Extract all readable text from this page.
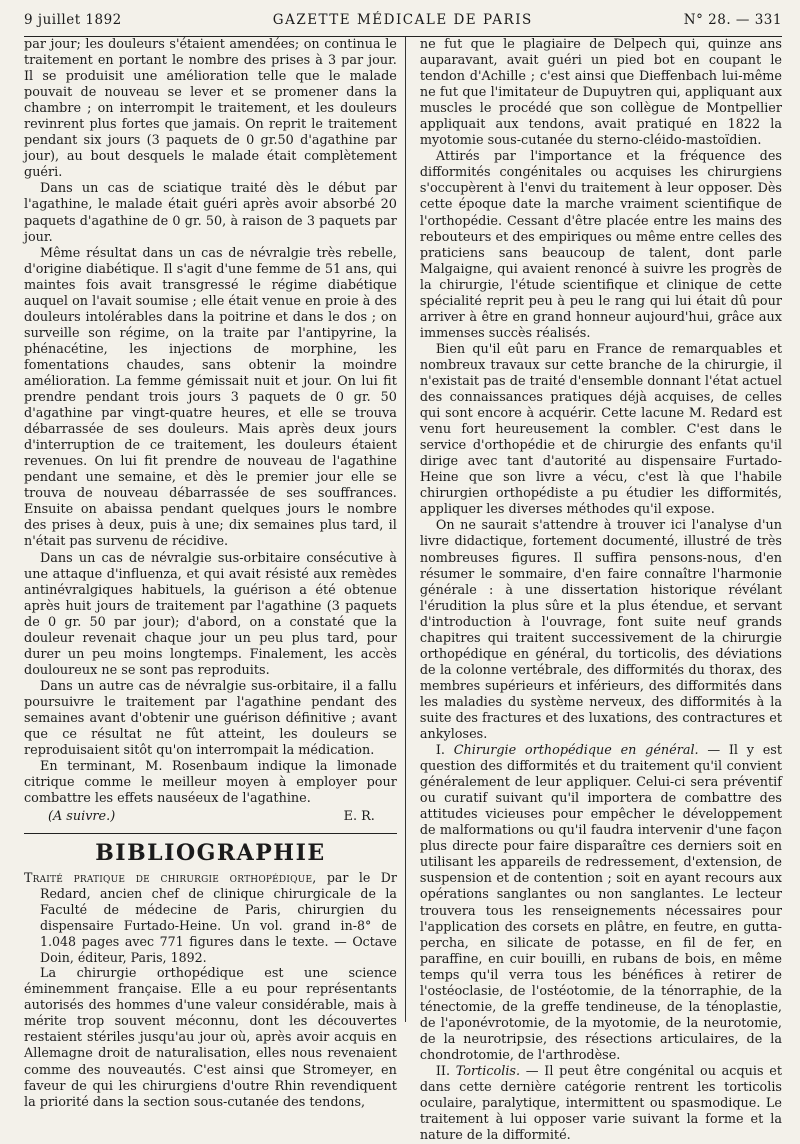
9 juillet 1892	GAZETTE MÉDICALE DE PARIS	N° 28. — 331

par jour; les douleurs s'étaient amendées; on continua le traitement en portant le nombre des prises à 3 par jour. Il se produisit une amélioration telle que le malade pouvait de nouveau se lever et se promener dans la chambre ; on interrompit le traitement, et les douleurs revinrent plus fortes que jamais. On reprit le traitement pendant six jours (3 paquets de 0 gr.50 d'agathine par jour), au bout desquels le malade était complètement guéri.

Dans un cas de sciatique traité dès le début par l'agathine, le malade était guéri après avoir absorbé 20 paquets d'agathine de 0 gr. 50, à raison de 3 paquets par jour.

Même résultat dans un cas de névralgie très rebelle, d'origine diabétique. Il s'agit d'une femme de 51 ans, qui maintes fois avait transgressé le régime diabétique auquel on l'avait soumise ; elle était venue en proie à des douleurs intolérables dans la poitrine et dans le dos ; on surveille son régime, on la traite par l'antipyrine, la phénacétine, les injections de morphine, les fomentations chaudes, sans obtenir la moindre amélioration. La femme gémissait nuit et jour. On lui fit prendre pendant trois jours 3 paquets de 0 gr. 50 d'agathine par vingt-quatre heures, et elle se trouva débarrassée de ses douleurs. Mais après deux jours d'interruption de ce traitement, les douleurs étaient revenues. On lui fit prendre de nouveau de l'agathine pendant une semaine, et dès le premier jour elle se trouva de nouveau débarrassée de ses souffrances. Ensuite on abaissa pendant quelques jours le nombre des prises à deux, puis à une; dix semaines plus tard, il n'était pas survenu de récidive.

Dans un cas de névralgie sus-orbitaire consécutive à une attaque d'influenza, et qui avait résisté aux remèdes antinévralgiques habituels, la guérison a été obtenue après huit jours de traitement par l'agathine (3 paquets de 0 gr. 50 par jour); d'abord, on a constaté que la douleur revenait chaque jour un peu plus tard, pour durer un peu moins longtemps. Finalement, les accès douloureux ne se sont pas reproduits.

Dans un autre cas de névralgie sus-orbitaire, il a fallu poursuivre le traitement par l'agathine pendant des semaines avant d'obtenir une guérison définitive ; avant que ce résultat ne fût atteint, les douleurs se reproduisaient sitôt qu'on interrompait la médication.

En terminant, M. Rosenbaum indique la limonade citrique comme le meilleur moyen à employer pour combattre les effets nauséeux de l'agathine.

(A suivre.)	E. R.
BIBLIOGRAPHIE
Traité pratique de chirurgie orthopédique, par le Dr Redard, ancien chef de clinique chirurgicale de la Faculté de médecine de Paris, chirurgien du dispensaire Furtado-Heine. Un vol. grand in-8° de 1.048 pages avec 771 figures dans le texte. — Octave Doin, éditeur, Paris, 1892.

La chirurgie orthopédique est une science éminemment française. Elle a eu pour représentants autorisés des hommes d'une valeur considérable, mais à mérite trop souvent méconnu, dont les découvertes restaient stériles jusqu'au jour où, après avoir acquis en Allemagne droit de naturalisation, elles nous revenaient comme des nouveautés. C'est ainsi que Stromeyer, en faveur de qui les chirurgiens d'outre Rhin revendiquent la priorité dans la section sous-cutanée des tendons,

ne fut que le plagiaire de Delpech qui, quinze ans auparavant, avait guéri un pied bot en coupant le tendon d'Achille ; c'est ainsi que Dieffenbach lui-même ne fut que l'imitateur de Dupuytren qui, appliquant aux muscles le procédé que son collègue de Montpellier appliquait aux tendons, avait pratiqué en 1822 la myotomie sous-cutanée du sterno-cléido-mastoïdien.

Attirés par l'importance et la fréquence des difformités congénitales ou acquises les chirurgiens s'occupèrent à l'envi du traitement à leur opposer. Dès cette époque date la marche vraiment scientifique de l'orthopédie. Cessant d'être placée entre les mains des rebouteurs et des empiriques ou même entre celles des praticiens sans beaucoup de talent, dont parle Malgaigne, qui avaient renoncé à suivre les progrès de la chirurgie, l'étude scientifique et clinique de cette spécialité reprit peu à peu le rang qui lui était dû pour arriver à être en grand honneur aujourd'hui, grâce aux immenses succès réalisés.

Bien qu'il eût paru en France de remarquables et nombreux travaux sur cette branche de la chirurgie, il n'existait pas de traité d'ensemble donnant l'état actuel des connaissances pratiques déjà acquises, de celles qui sont encore à acquérir. Cette lacune M. Redard est venu fort heureusement la combler. C'est dans le service d'orthopédie et de chirurgie des enfants qu'il dirige avec tant d'autorité au dispensaire Furtado-Heine que son livre a vécu, c'est là que l'habile chirurgien orthopédiste a pu étudier les difformités, appliquer les diverses méthodes qu'il expose.

On ne saurait s'attendre à trouver ici l'analyse d'un livre didactique, fortement documenté, illustré de très nombreuses figures. Il suffira pensons-nous, d'en résumer le sommaire, d'en faire connaître l'harmonie générale : à une dissertation historique révélant l'érudition la plus sûre et la plus étendue, et servant d'introduction à l'ouvrage, font suite neuf grands chapitres qui traitent successivement de la chirurgie orthopédique en général, du torticolis, des déviations de la colonne vertébrale, des difformités du thorax, des membres supérieurs et inférieurs, des difformités dans les maladies du système nerveux, des difformités à la suite des fractures et des luxations, des contractures et ankyloses.

I. Chirurgie orthopédique en général. — Il y est question des difformités et du traitement qu'il convient généralement de leur appliquer. Celui-ci sera préventif ou curatif suivant qu'il importera de combattre des attitudes vicieuses pour empêcher le développement de malformations ou qu'il faudra intervenir d'une façon plus directe pour faire disparaître ces derniers soit en utilisant les appareils de redressement, d'extension, de suspension et de contention ; soit en ayant recours aux opérations sanglantes ou non sanglantes. Le lecteur trouvera tous les renseignements nécessaires pour l'application des corsets en plâtre, en feutre, en gutta-percha, en silicate de potasse, en fil de fer, en paraffine, en cuir bouilli, en rubans de bois, en même temps qu'il verra tous les bénéfices à retirer de l'ostéoclasie, de l'ostéotomie, de la ténorraphie, de la ténectomie, de la greffe tendineuse, de la ténoplastie, de l'aponévrotomie, de la myotomie, de la neurotomie, de la neurotripsie, des résections articulaires, de la chondrotomie, de l'arthrodèse.

II. Torticolis. — Il peut être congénital ou acquis et dans cette dernière catégorie rentrent les torticolis oculaire, paralytique, intermittent ou spasmodique. Le traitement à lui opposer varie suivant la forme et la nature de la difformité.
